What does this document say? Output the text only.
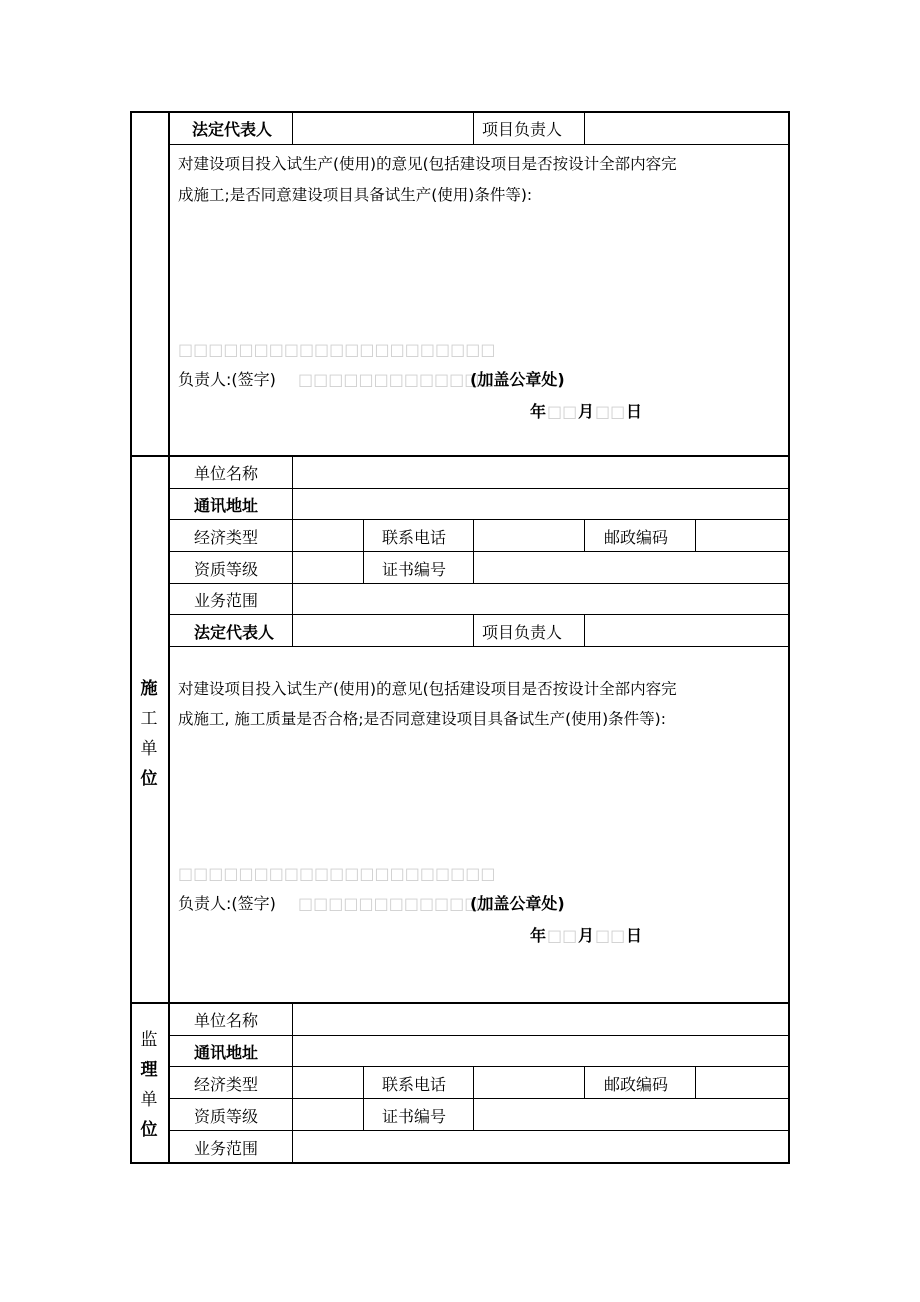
法定代表人	项目负责人
对建设项目投入试生产(使用)的意见(包括建设项目是否按设计全部内容完
成施工;是否同意建设项目具备试生产(使用)条件等):
□□□□□□□□□□□□□□□□□□□□□
负责人:(签字) □□□□□□□□□□□□□
(加盖公章处)
年 □□ 月 □□ 日
施
工
单
位
单位名称
通讯地址
经济类型	联系电话	邮政编码
资质等级	证书编号
业务范围
法定代表人	项目负责人
对建设项目投入试生产(使用)的意见(包括建设项目是否按设计全部内容完
成施工, 施工质量是否合格;是否同意建设项目具备试生产(使用)条件等):
□□□□□□□□□□□□□□□□□□□□□
负责人:(签字) □□□□□□□□□□□□□
(加盖公章处)
年 □□ 月 □□ 日
监
理
单
位
单位名称
通讯地址
经济类型	联系电话	邮政编码
资质等级	证书编号
业务范围
